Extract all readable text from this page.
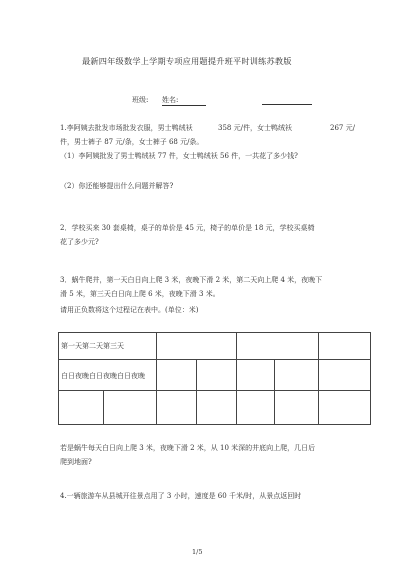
最新四年级数学上学期专项应用题提升班平时训练苏教版
班级: 姓名:
1.李阿姨去批发市场批发衣服，男士鸭绒袄	358 元/件，女士鸭绒袄	267 元/
件，男士裤子 87 元/条，女士裤子 68 元/条。
（1）李阿姨批发了男士鸭绒袄 77 件，女士鸭绒袄 56 件，一共花了多少钱?
（2）你还能够提出什么问题并解答?
2．学校买来 30 套桌椅，桌子的单价是 45 元，椅子的单价是 18 元，学校买桌椅
花了多少元?
3．蜗牛爬井，第一天白日向上爬 3 米，夜晚下滑 2 米，第二天向上爬 4 米，夜晚下
滑 5 米，第三天白日向上爬 6 米，夜晚下滑 3 米。
请用正负数将这个过程记在表中。(单位：米)
第一天第二天第三天
白日夜晚白日夜晚白日夜晚
若是蜗牛每天白日向上爬 3 米，夜晚下滑 2 米，从 10 米深的井底向上爬，几日后
爬到地面?
4.一辆旅游车从县城开往景点用了 3 小时，速度是 60 千米/时，从景点返回时
1/5
